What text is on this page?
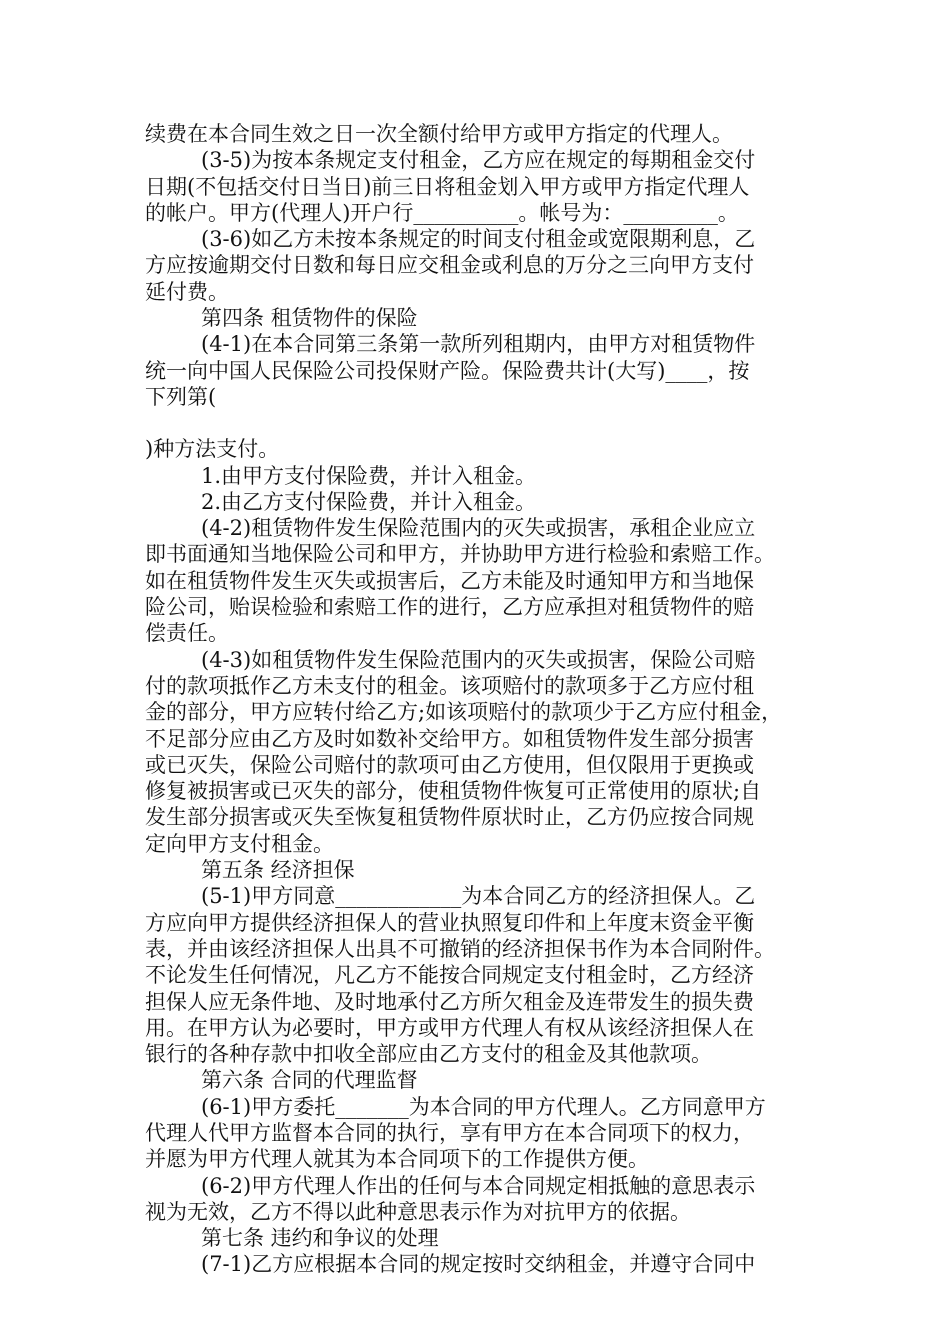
续费在本合同生效之日一次全额付给甲方或甲方指定的代理人。
(3-5)为按本条规定支付租金，乙方应在规定的每期租金交付
日期(不包括交付日当日)前三日将租金划入甲方或甲方指定代理人
的帐户。甲方(代理人)开户行__________。帐号为：_________。
(3-6)如乙方未按本条规定的时间支付租金或宽限期利息，乙
方应按逾期交付日数和每日应交租金或利息的万分之三向甲方支付
延付费。
第四条 租赁物件的保险
(4-1)在本合同第三条第一款所列租期内，由甲方对租赁物件
统一向中国人民保险公司投保财产险。保险费共计(大写)____，按
下列第(
)种方法支付。
1.由甲方支付保险费，并计入租金。
2.由乙方支付保险费，并计入租金。
(4-2)租赁物件发生保险范围内的灭失或损害，承租企业应立
即书面通知当地保险公司和甲方，并协助甲方进行检验和索赔工作。
如在租赁物件发生灭失或损害后，乙方未能及时通知甲方和当地保
险公司，贻误检验和索赔工作的进行，乙方应承担对租赁物件的赔
偿责任。
(4-3)如租赁物件发生保险范围内的灭失或损害，保险公司赔
付的款项抵作乙方未支付的租金。该项赔付的款项多于乙方应付租
金的部分，甲方应转付给乙方;如该项赔付的款项少于乙方应付租金，
不足部分应由乙方及时如数补交给甲方。如租赁物件发生部分损害
或已灭失，保险公司赔付的款项可由乙方使用，但仅限用于更换或
修复被损害或已灭失的部分，使租赁物件恢复可正常使用的原状;自
发生部分损害或灭失至恢复租赁物件原状时止，乙方仍应按合同规
定向甲方支付租金。
第五条 经济担保
(5-1)甲方同意____________为本合同乙方的经济担保人。乙
方应向甲方提供经济担保人的营业执照复印件和上年度末资金平衡
表，并由该经济担保人出具不可撤销的经济担保书作为本合同附件。
不论发生任何情况，凡乙方不能按合同规定支付租金时，乙方经济
担保人应无条件地、及时地承付乙方所欠租金及连带发生的损失费
用。在甲方认为必要时，甲方或甲方代理人有权从该经济担保人在
银行的各种存款中扣收全部应由乙方支付的租金及其他款项。
第六条 合同的代理监督
(6-1)甲方委托_______为本合同的甲方代理人。乙方同意甲方
代理人代甲方监督本合同的执行，享有甲方在本合同项下的权力，
并愿为甲方代理人就其为本合同项下的工作提供方便。
(6-2)甲方代理人作出的任何与本合同规定相抵触的意思表示
视为无效，乙方不得以此种意思表示作为对抗甲方的依据。
第七条 违约和争议的处理
(7-1)乙方应根据本合同的规定按时交纳租金，并遵守合同中
